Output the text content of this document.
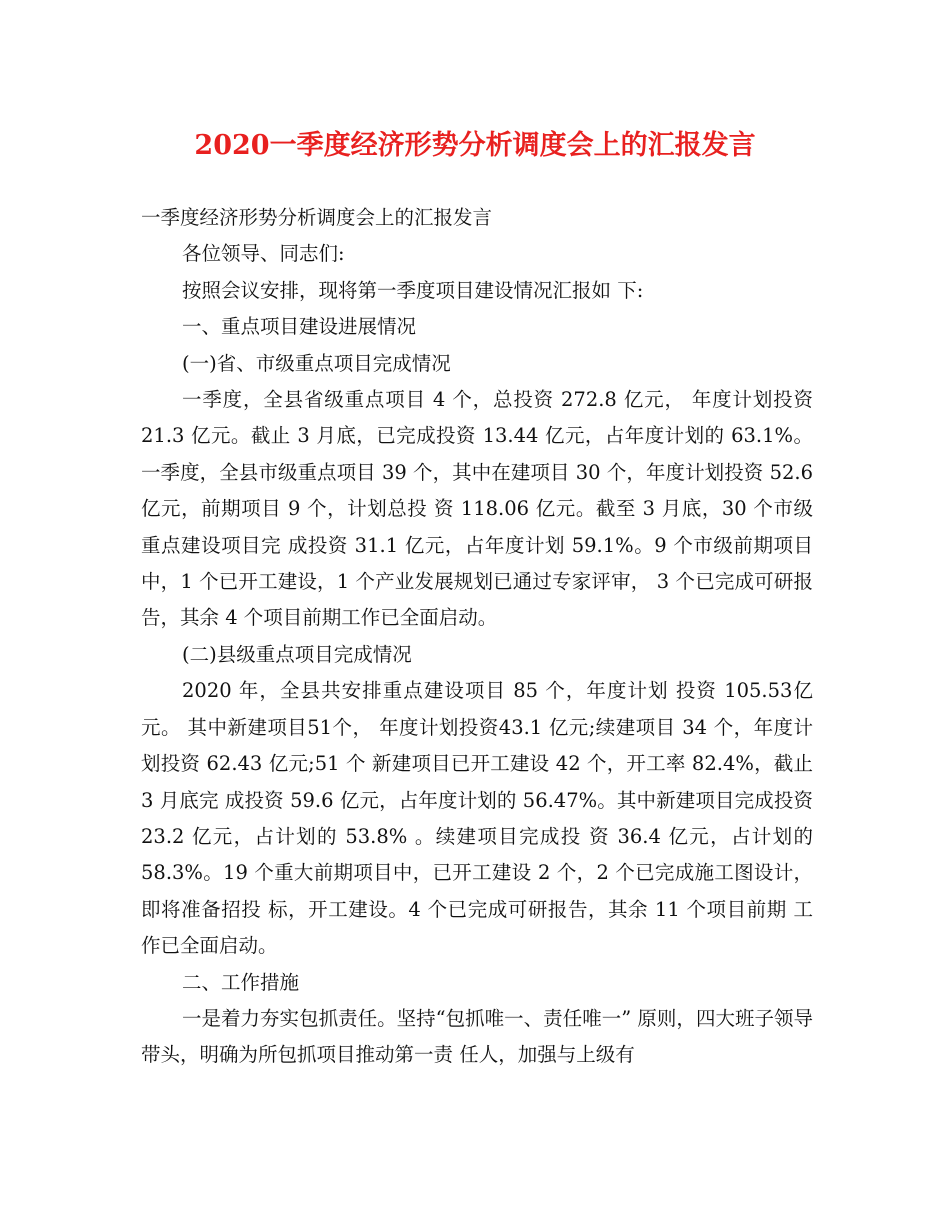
2020一季度经济形势分析调度会上的汇报发言

一季度经济形势分析调度会上的汇报发言

各位领导、同志们:

按照会议安排，现将第一季度项目建设情况汇报如 下:

一、重点项目建设进展情况

(一)省、市级重点项目完成情况

一季度，全县省级重点项目 4 个，总投资 272.8 亿元， 年度计划投资 21.3 亿元。截止 3 月底，已完成投资 13.44 亿元，占年度计划的 63.1%。 一季度，全县市级重点项目 39 个，其中在建项目 30 个，年度计划投资 52.6 亿元，前期项目 9 个，计划总投 资 118.06 亿元。截至 3 月底，30 个市级重点建设项目完 成投资 31.1 亿元，占年度计划 59.1%。9 个市级前期项目 中，1 个已开工建设，1 个产业发展规划已通过专家评审， 3 个已完成可研报告，其余 4 个项目前期工作已全面启动。

(二)县级重点项目完成情况

2020 年，全县共安排重点建设项目 85 个，年度计划 投资 105.53亿元。 其中新建项目51个， 年度计划投资43.1 亿元;续建项目 34 个，年度计划投资 62.43 亿元;51 个 新建项目已开工建设 42 个，开工率 82.4%，截止 3 月底完 成投资 59.6 亿元，占年度计划的 56.47%。其中新建项目完成投资 23.2 亿元，占计划的 53.8% 。续建项目完成投 资 36.4 亿元，占计划的 58.3%。19 个重大前期项目中，已开工建设 2 个，2 个已完成施工图设计，即将准备招投 标，开工建设。4 个已完成可研报告，其余 11 个项目前期 工作已全面启动。

二、工作措施

一是着力夯实包抓责任。坚持“包抓唯一、责任唯一” 原则，四大班子领导带头，明确为所包抓项目推动第一责 任人，加强与上级有
